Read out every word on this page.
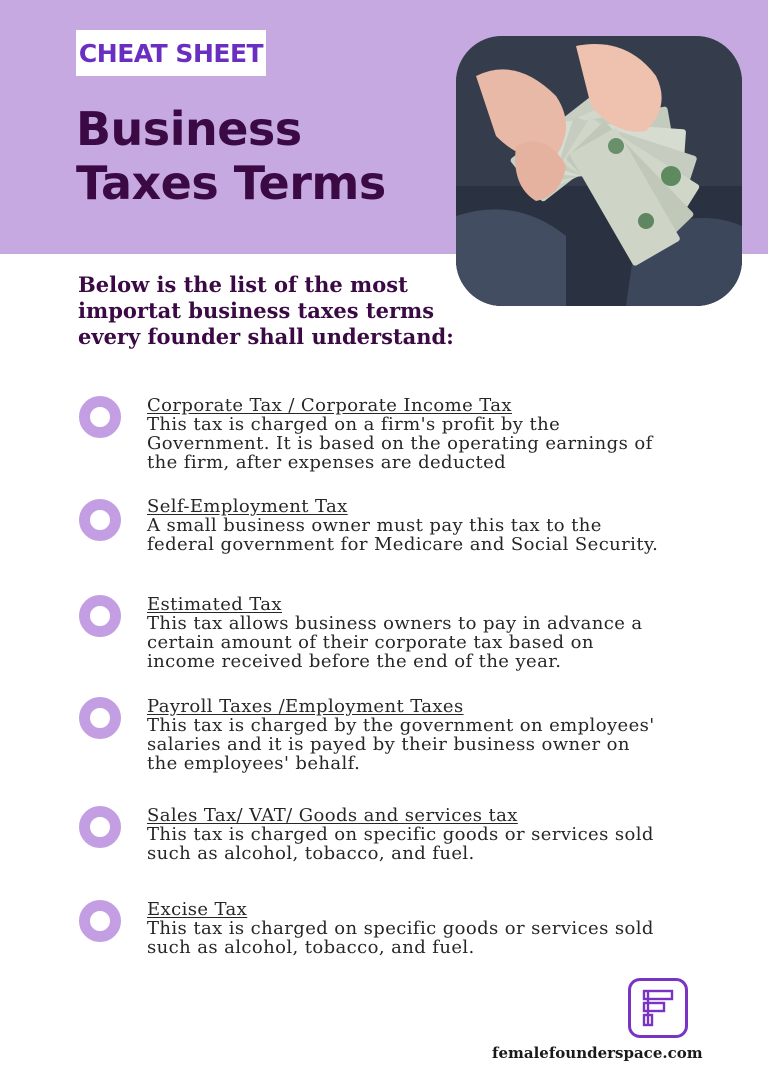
CHEAT SHEET
Business
Taxes Terms
Below is the list of the most
importat business taxes terms
every founder shall understand:
Corporate Tax / Corporate Income Tax
This tax is charged on a firm's profit by the
Government. It is based on the operating earnings of
the firm, after expenses are deducted
Self-Employment Tax
A small business owner must pay this tax to the
federal government for Medicare and Social Security.
Estimated Tax
This tax allows business owners to pay in advance a
certain amount of their corporate tax based on
income received before the end of the year.
Payroll Taxes /Employment Taxes
This tax is charged by the government on employees'
salaries and it is payed by their business owner on
the employees' behalf.
Sales Tax/ VAT/ Goods and services tax
This tax is charged on specific goods or services sold
such as alcohol, tobacco, and fuel.
Excise Tax
This tax is charged on specific goods or services sold
such as alcohol, tobacco, and fuel.
femalefounderspace.com
